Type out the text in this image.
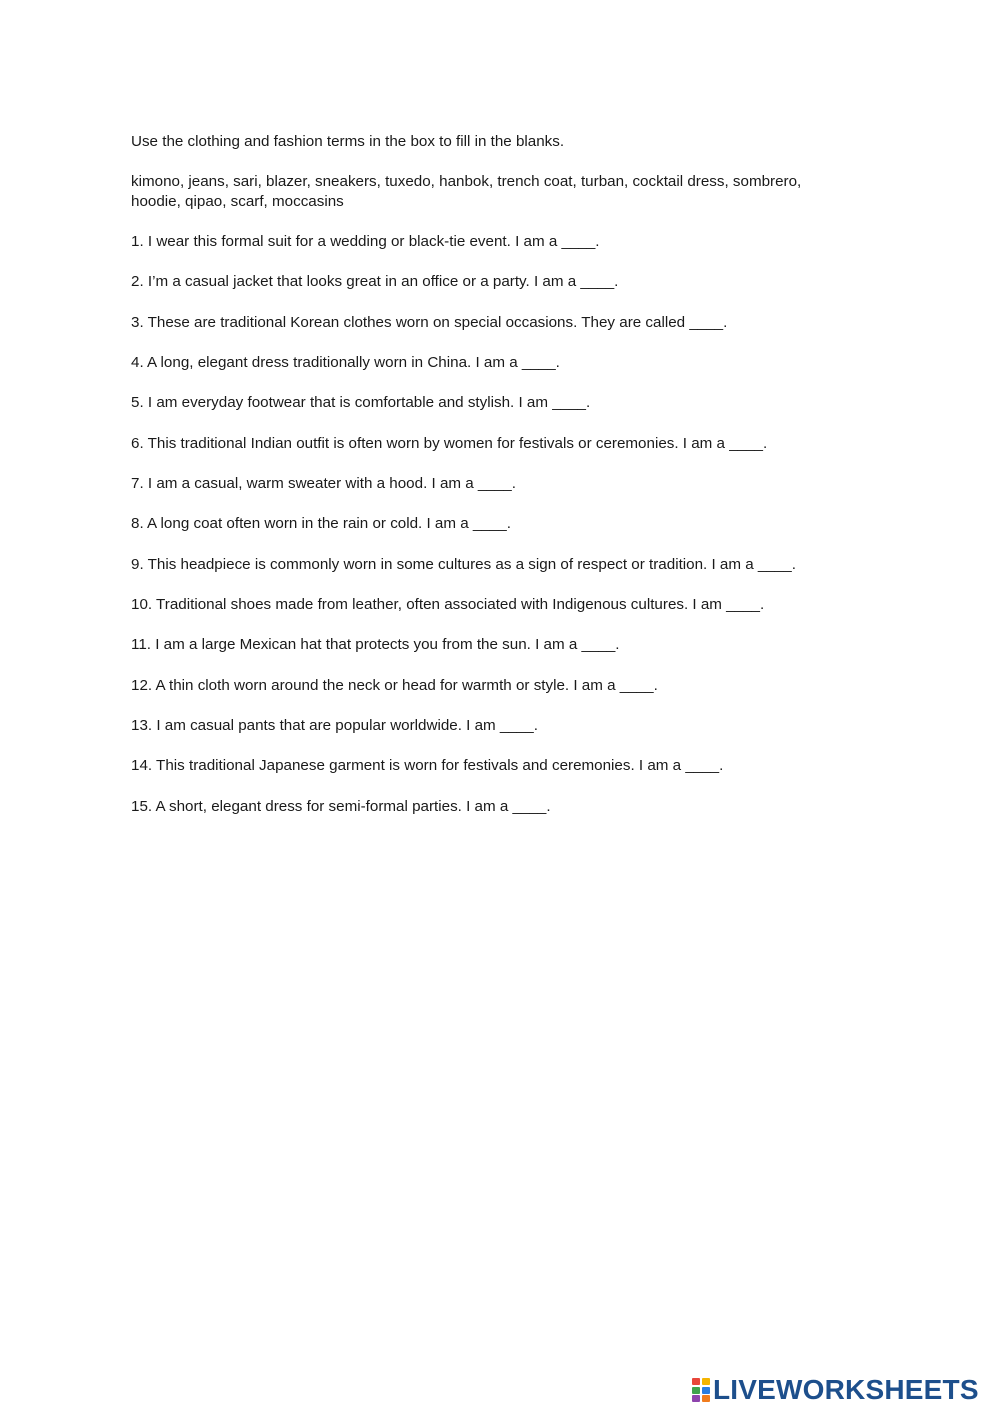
Use the clothing and fashion terms in the box to fill in the blanks.

kimono, jeans, sari, blazer, sneakers, tuxedo, hanbok, trench coat, turban, cocktail dress, sombrero, hoodie, qipao, scarf, moccasins

1. I wear this formal suit for a wedding or black-tie event. I am a ____.
2. I’m a casual jacket that looks great in an office or a party. I am a ____.
3. These are traditional Korean clothes worn on special occasions. They are called ____.
4. A long, elegant dress traditionally worn in China. I am a ____.
5. I am everyday footwear that is comfortable and stylish. I am ____.
6. This traditional Indian outfit is often worn by women for festivals or ceremonies. I am a ____.
7. I am a casual, warm sweater with a hood. I am a ____.
8. A long coat often worn in the rain or cold. I am a ____.
9. This headpiece is commonly worn in some cultures as a sign of respect or tradition. I am a ____.
10. Traditional shoes made from leather, often associated with Indigenous cultures. I am ____.
11. I am a large Mexican hat that protects you from the sun. I am a ____.
12. A thin cloth worn around the neck or head for warmth or style. I am a ____.
13. I am casual pants that are popular worldwide. I am ____.
14. This traditional Japanese garment is worn for festivals and ceremonies. I am a ____.
15. A short, elegant dress for semi-formal parties. I am a ____.
LIVEWORKSHEETS
